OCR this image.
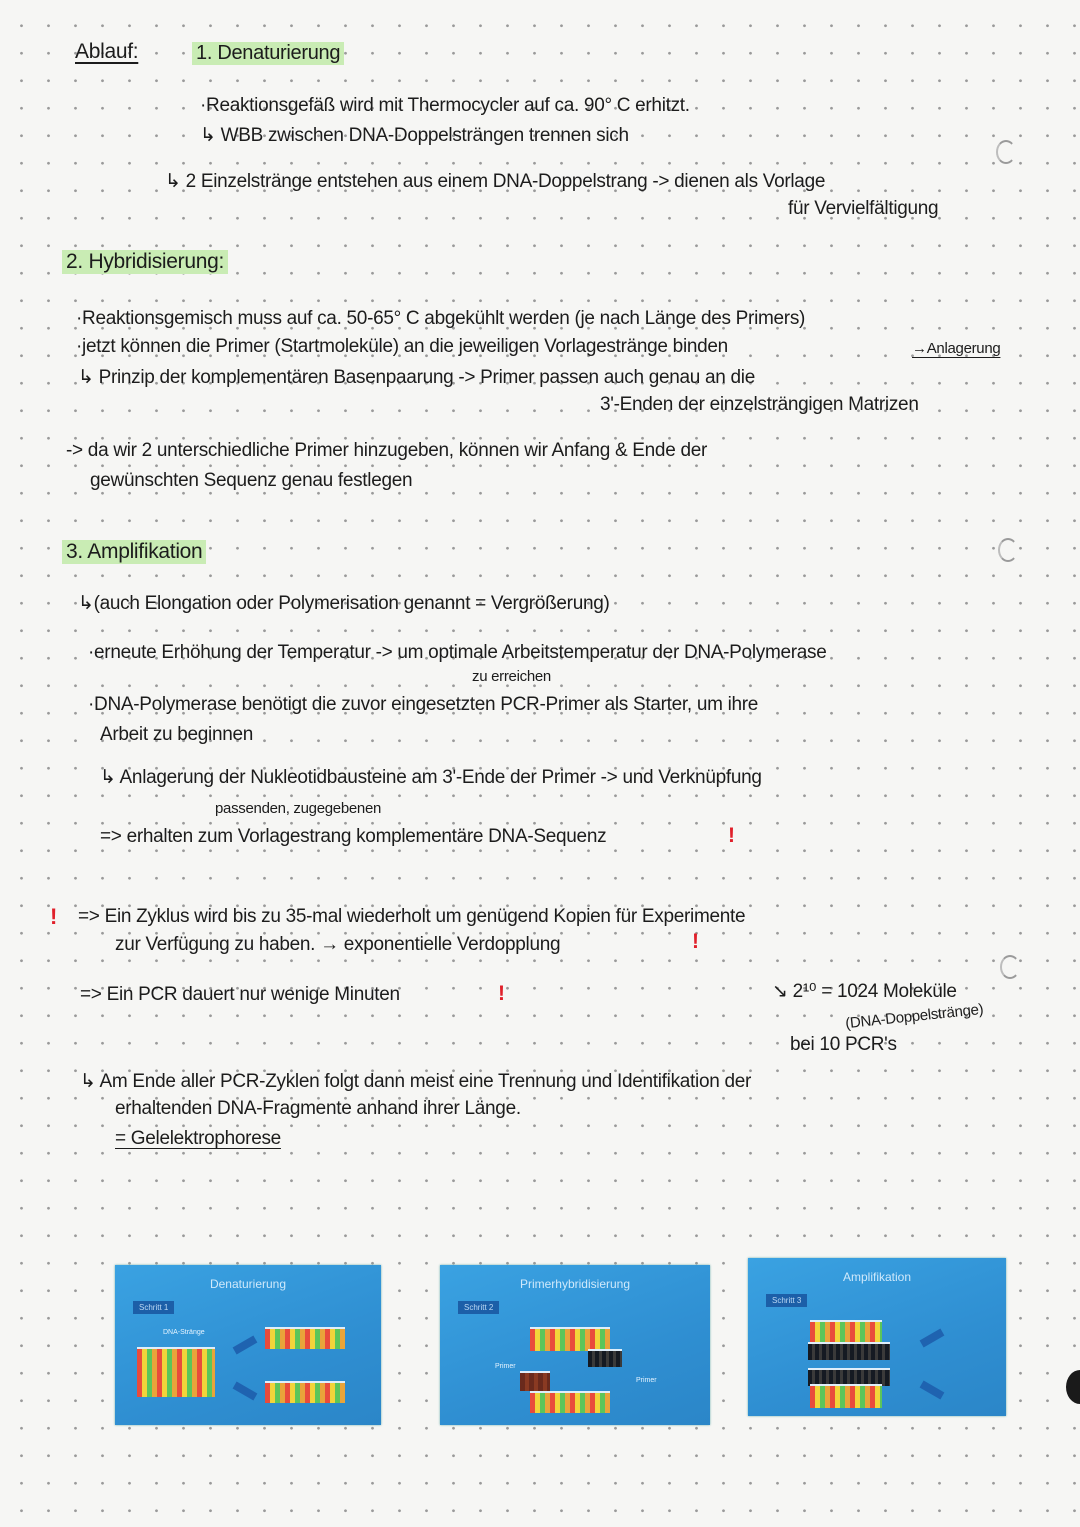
Ablauf:	1. Denaturierung
·Reaktionsgefäß wird mit Thermocycler auf ca. 90° C erhitzt.
↳ WBB zwischen DNA-Doppelsträngen trennen sich
↳ 2 Einzelstränge entstehen aus einem DNA-Doppelstrang -> dienen als Vorlage
für Vervielfältigung
2. Hybridisierung:
·Reaktionsgemisch muss auf ca. 50-65° C abgekühlt werden (je nach Länge des Primers)
·jetzt können die Primer (Startmoleküle) an die jeweiligen Vorlagestränge binden	→Anlagerung
↳ Prinzip der komplementären Basenpaarung -> Primer passen auch genau an die
3'-Enden der einzelsträngigen Matrizen
-> da wir 2 unterschiedliche Primer hinzugeben, können wir Anfang & Ende der
gewünschten Sequenz genau festlegen
3. Amplifikation
↳(auch Elongation oder Polymerisation genannt = Vergrößerung)
·erneute Erhöhung der Temperatur -> um optimale Arbeitstemperatur der DNA-Polymerase
zu erreichen
·DNA-Polymerase benötigt die zuvor eingesetzten PCR-Primer als Starter, um ihre
Arbeit zu beginnen
↳ Anlagerung der Nukleotidbausteine am 3'-Ende der Primer -> und Verknüpfung
passenden, zugegebenen
=> erhalten zum Vorlagestrang komplementäre DNA-Sequenz	!
! => Ein Zyklus wird bis zu 35-mal wiederholt um genügend Kopien für Experimente
zur Verfügung zu haben. → exponentielle Verdopplung	!
=> Ein PCR dauert nur wenige Minuten	!	↘ 2¹⁰ = 1024 Moleküle
(DNA-Doppelstränge)
bei 10 PCR's
↳ Am Ende aller PCR-Zyklen folgt dann meist eine Trennung und Identifikation der
erhaltenden DNA-Fragmente anhand ihrer Länge.
= Gelelektrophorese
Denaturierung
Schritt 1
DNA-Stränge
Primerhybridisierung
Schritt 2
Primer
Primer
Amplifikation
Schritt 3
